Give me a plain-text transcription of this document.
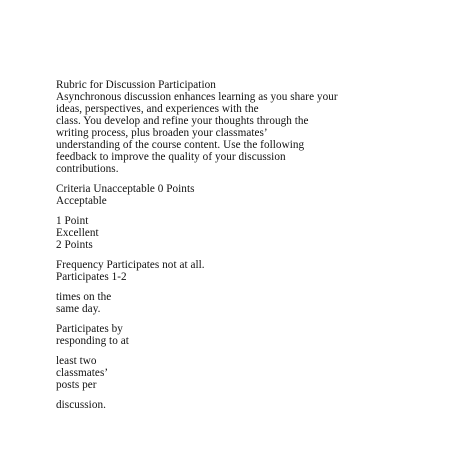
Rubric for Discussion Participation
Asynchronous discussion enhances learning as you share your
ideas, perspectives, and experiences with the
class. You develop and refine your thoughts through the
writing process, plus broaden your classmates’
understanding of the course content. Use the following
feedback to improve the quality of your discussion
contributions.
Criteria Unacceptable 0 Points
Acceptable
1 Point
Excellent
2 Points
Frequency Participates not at all.
Participates 1-2
times on the
same day.
Participates by
responding to at
least two
classmates’
posts per
discussion.
